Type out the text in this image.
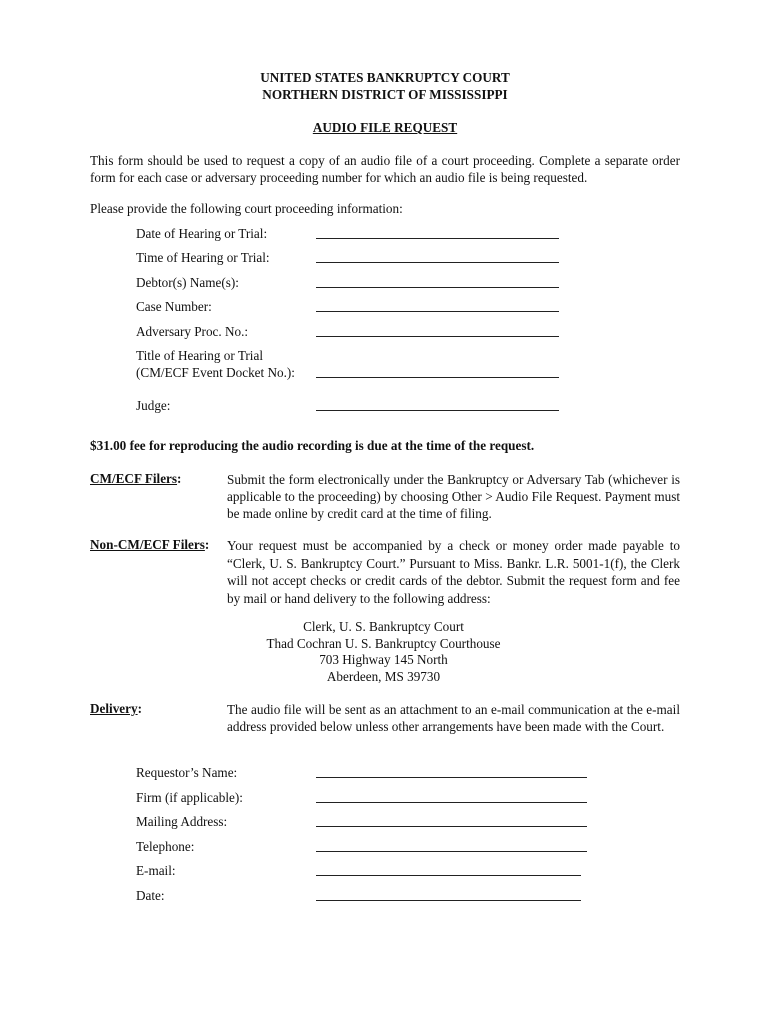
UNITED STATES BANKRUPTCY COURT
NORTHERN DISTRICT OF MISSISSIPPI
AUDIO FILE REQUEST
This form should be used to request a copy of an audio file of a court proceeding. Complete a separate order form for each case or adversary proceeding number for which an audio file is being requested.
Please provide the following court proceeding information:
Date of Hearing or Trial:
Time of Hearing or Trial:
Debtor(s) Name(s):
Case Number:
Adversary Proc. No.:
Title of Hearing or Trial
(CM/ECF Event Docket No.):
Judge:
$31.00 fee for reproducing the audio recording is due at the time of the request.
CM/ECF Filers:	Submit the form electronically under the Bankruptcy or Adversary Tab (whichever is applicable to the proceeding) by choosing Other > Audio File Request. Payment must be made online by credit card at the time of filing.
Non-CM/ECF Filers: Your request must be accompanied by a check or money order made payable to “Clerk, U. S. Bankruptcy Court.” Pursuant to Miss. Bankr. L.R. 5001-1(f), the Clerk will not accept checks or credit cards of the debtor. Submit the request form and fee by mail or hand delivery to the following address:
Clerk, U. S. Bankruptcy Court
Thad Cochran U. S. Bankruptcy Courthouse
703 Highway 145 North
Aberdeen, MS 39730
Delivery:	The audio file will be sent as an attachment to an e-mail communication at the e-mail address provided below unless other arrangements have been made with the Court.
Requestor’s Name:
Firm (if applicable):
Mailing Address:
Telephone:
E-mail:
Date:
